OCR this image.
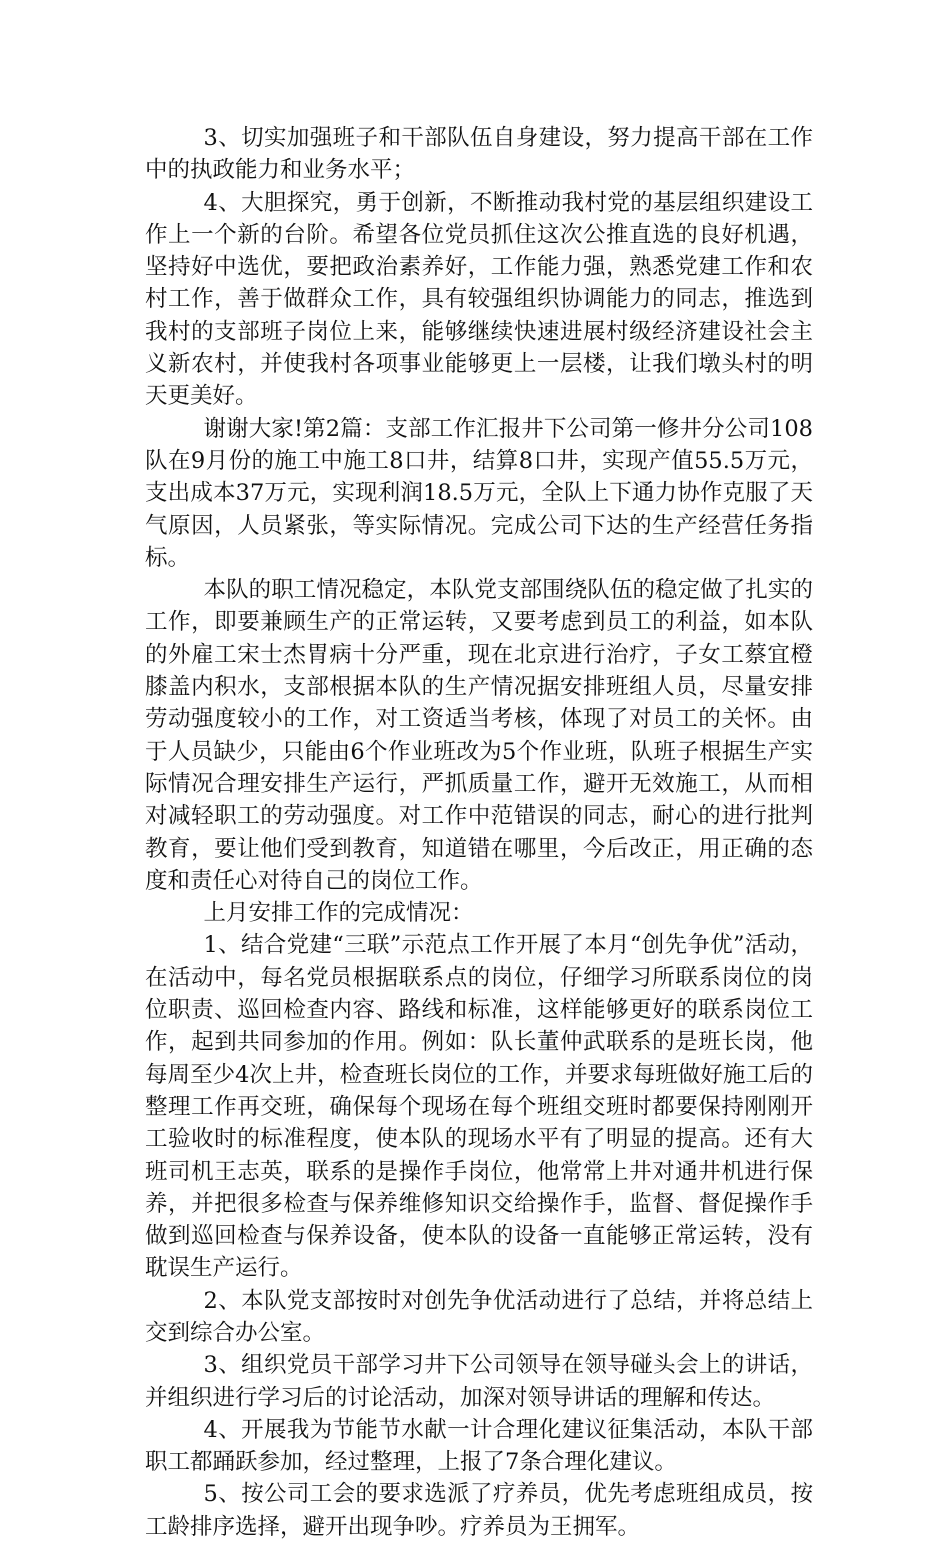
3、切实加强班子和干部队伍自身建设，努力提高干部在工作中的执政能力和业务水平；

4、大胆探究，勇于创新，不断推动我村党的基层组织建设工作上一个新的台阶。希望各位党员抓住这次公推直选的良好机遇，坚持好中选优，要把政治素养好，工作能力强，熟悉党建工作和农村工作，善于做群众工作，具有较强组织协调能力的同志，推选到我村的支部班子岗位上来，能够继续快速进展村级经济建设社会主义新农村，并使我村各项事业能够更上一层楼，让我们墩头村的明天更美好。

谢谢大家!第2篇：支部工作汇报井下公司第一修井分公司108队在9月份的施工中施工8口井，结算8口井，实现产值55.5万元，支出成本37万元，实现利润18.5万元，全队上下通力协作克服了天气原因，人员紧张，等实际情况。完成公司下达的生产经营任务指标。

本队的职工情况稳定，本队党支部围绕队伍的稳定做了扎实的工作，即要兼顾生产的正常运转，又要考虑到员工的利益，如本队的外雇工宋士杰胃病十分严重，现在北京进行治疗，子女工蔡宜橙膝盖内积水，支部根据本队的生产情况据安排班组人员，尽量安排劳动强度较小的工作，对工资适当考核，体现了对员工的关怀。由于人员缺少，只能由6个作业班改为5个作业班，队班子根据生产实际情况合理安排生产运行，严抓质量工作，避开无效施工，从而相对减轻职工的劳动强度。对工作中范错误的同志，耐心的进行批判教育，要让他们受到教育，知道错在哪里，今后改正，用正确的态度和责任心对待自己的岗位工作。

上月安排工作的完成情况：

1、结合党建“三联”示范点工作开展了本月“创先争优”活动，在活动中，每名党员根据联系点的岗位，仔细学习所联系岗位的岗位职责、巡回检查内容、路线和标准，这样能够更好的联系岗位工作，起到共同参加的作用。例如：队长董仲武联系的是班长岗，他每周至少4次上井，检查班长岗位的工作，并要求每班做好施工后的整理工作再交班，确保每个现场在每个班组交班时都要保持刚刚开工验收时的标准程度，使本队的现场水平有了明显的提高。还有大班司机王志英，联系的是操作手岗位，他常常上井对通井机进行保养，并把很多检查与保养维修知识交给操作手，监督、督促操作手做到巡回检查与保养设备，使本队的设备一直能够正常运转，没有耽误生产运行。

2、本队党支部按时对创先争优活动进行了总结，并将总结上交到综合办公室。

3、组织党员干部学习井下公司领导在领导碰头会上的讲话，并组织进行学习后的讨论活动，加深对领导讲话的理解和传达。

4、开展我为节能节水献一计合理化建议征集活动，本队干部职工都踊跃参加，经过整理，上报了7条合理化建议。

5、按公司工会的要求选派了疗养员，优先考虑班组成员，按工龄排序选择，避开出现争吵。疗养员为王拥军。
